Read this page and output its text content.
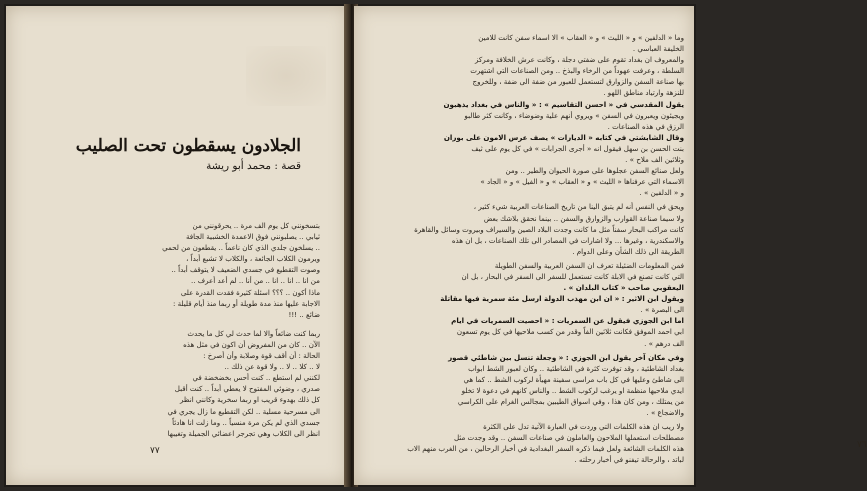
الجلادون يسقطون تحت الصليب
قصة : محمد أبو ريشة

بتسخونني كل يوم الف مرة .. يحرقونني من

ثيابي .. يصلبونني فوق الاعمدة الخشبية الجافة

.. يسلخون جلدي الذي كان ناعماً .. يقطعون من لحمي

ويرمون الكلاب الجائعة ، والكلاب لا تشبع أبداً ،

وصوت التقطيع في جسدي الضعيف لا يتوقف أبداً ..

من انا .. انا .. انا .. من أنا .. لم أعد أعرف ..

ماذا أكون .. ؟؟؟ اسئلة كثيرة فقدت القدرة على

الاجابة عليها منذ مدة طويلة أو ربما منذ أيام قليلة :

ضائع .. !!!

ربما كنت ضائعاً والا لما حدث لي كل ما يحدث

الآن .. كان من المفروض أن اكون في مثل هذه

الحالة : أن أقف قوة وصلابة وأن أصرخ :

لا .. كلا .. لا .. ولا قوة عن ذلك ..

لكنني لم استطع .. كنت أحس بخضخضة في

صدري ، وضوئي المفتوح لا يعطي أبداً .. كنت أقبل

كل ذلك بهدوء قريب او ربما سخرية وكانني انظر

الى مسرحية مسلية .. لكن التقطيع ما زال يجري في

جسدي الذي لم يكن مرة منسياً .. وما زلت انا هادئاً

انظر الى الكلاب وهي تجرجر اعضائي الجميلة وتغيبها

٧٧

وما « الدلفين » و « الليث » و « العقاب » الا اسماء سفن كانت للامين

الخليفة العباسي .

والمعروف ان بغداد تقوم على ضفتي دجلة ، وكانت عرش الخلافة ومركز

السلطة ، وعرفت عهوداً من الرخاء والبذخ .. ومن الصناعات التي اشتهرت

بها صناعة السفن والزوارق لتستعمل للعبور من ضفة الى ضفة ، وللخروج

للنزهة وارتياد مناطق اللهو .

يقول المقدسي في « احسن التقاسيم » : « والناس في بغداد يذهبون

ويجيئون ويعبرون في السفن » ويروي أنهم علية وضوضاء ، وكانت كثر طالبو

الرزق في هذه الصناعات .

وقال الشابشتي في كتابه « الديارات » يصف عرس الامون على بوران

بنت الحسن بن سهل فيقول انه « أجرى الجرابات » في كل يوم على ثيف

وثلاثين الف ملاح » .

ولعل صنائع السفن عجلوها على صورة الحيوان والطير .. ومن

الاسماء التي عرفناها « الليث » و « العقاب » و « الفيل » و « الجاد »

و « الدلفين » .

ويحق في النفس أنه لم يتبق الينا من تاريخ الصناعات العربية شيء كثير ،

ولا سيما صناعة القوارب والزوارق والسفن .. بينما نحقق بلاشك بعض

كانت مراكب البحار سفناً مثل ما كانت وجدت البلاد الصين والسيراف وبيروت وسائل والقاهرة

والاسكندرية ، وغيرها ... ولا اشارات في المصادر الى تلك الصناعات ، بل ان هذه

الطريقة الى ذلك الشأن وعلى الدوام .

فمن المعلومات الضئيلة تعرف ان السفن العربية والسفن الطويلة

التي كانت تصنع في الابلة كانت تستعمل للسفر الى السفر في البحار ، بل ان

اليعقوبي صاحب « كتاب البلدان » .

ويقول ابن الاثير : « ان ابن مهذب الدولة ارسل مئة سمرية فيها مقاتلة

الى البصرة » .

اما ابن الجوزي فيقول عن السمريات : « احصيت السمريات في ايام

ابي احمد الموفق فكانت ثلاثين الفاً وقدر من كسب ملاحيها في كل يوم تسعون

الف درهم » .

وفي مكان آخر يقول ابن الجوزي : « وجعلة تنسل بين شاطئي قصور

بغداد الشاطئية ، وقد توفرت كثرة في الشاطئية .. وكان لعبور الشط ابواب

الى شاطئ وعليها في كل باب مراسى سفينة مهيأة لركوب الشط .. كما هي

ايدي ملاحيها منظمة او يرغب لركوب الشط .. والناس كانهم في دعوة لا تخلو

من يمتلك ، ومن كان هذا ، وفي اسواق الطيبين بمجالس الغرام على الكراسي

والاضجاع » .

ولا ريب ان هذه الكلمات التي وردت في العبارة الآتية تدل على الكثرة

مصطلحات استعملها الملاحون والعاملون في صناعات السفن .. وقد وجدت مثل

هذه الكلمات الشائعة ولعل فيما ذكره السفر البغدادية في أخبار الرحالين ، من الغرب منهم الاب

لباتد ، والرحالة تيفنو في أخبار رحلته .

٧٦
